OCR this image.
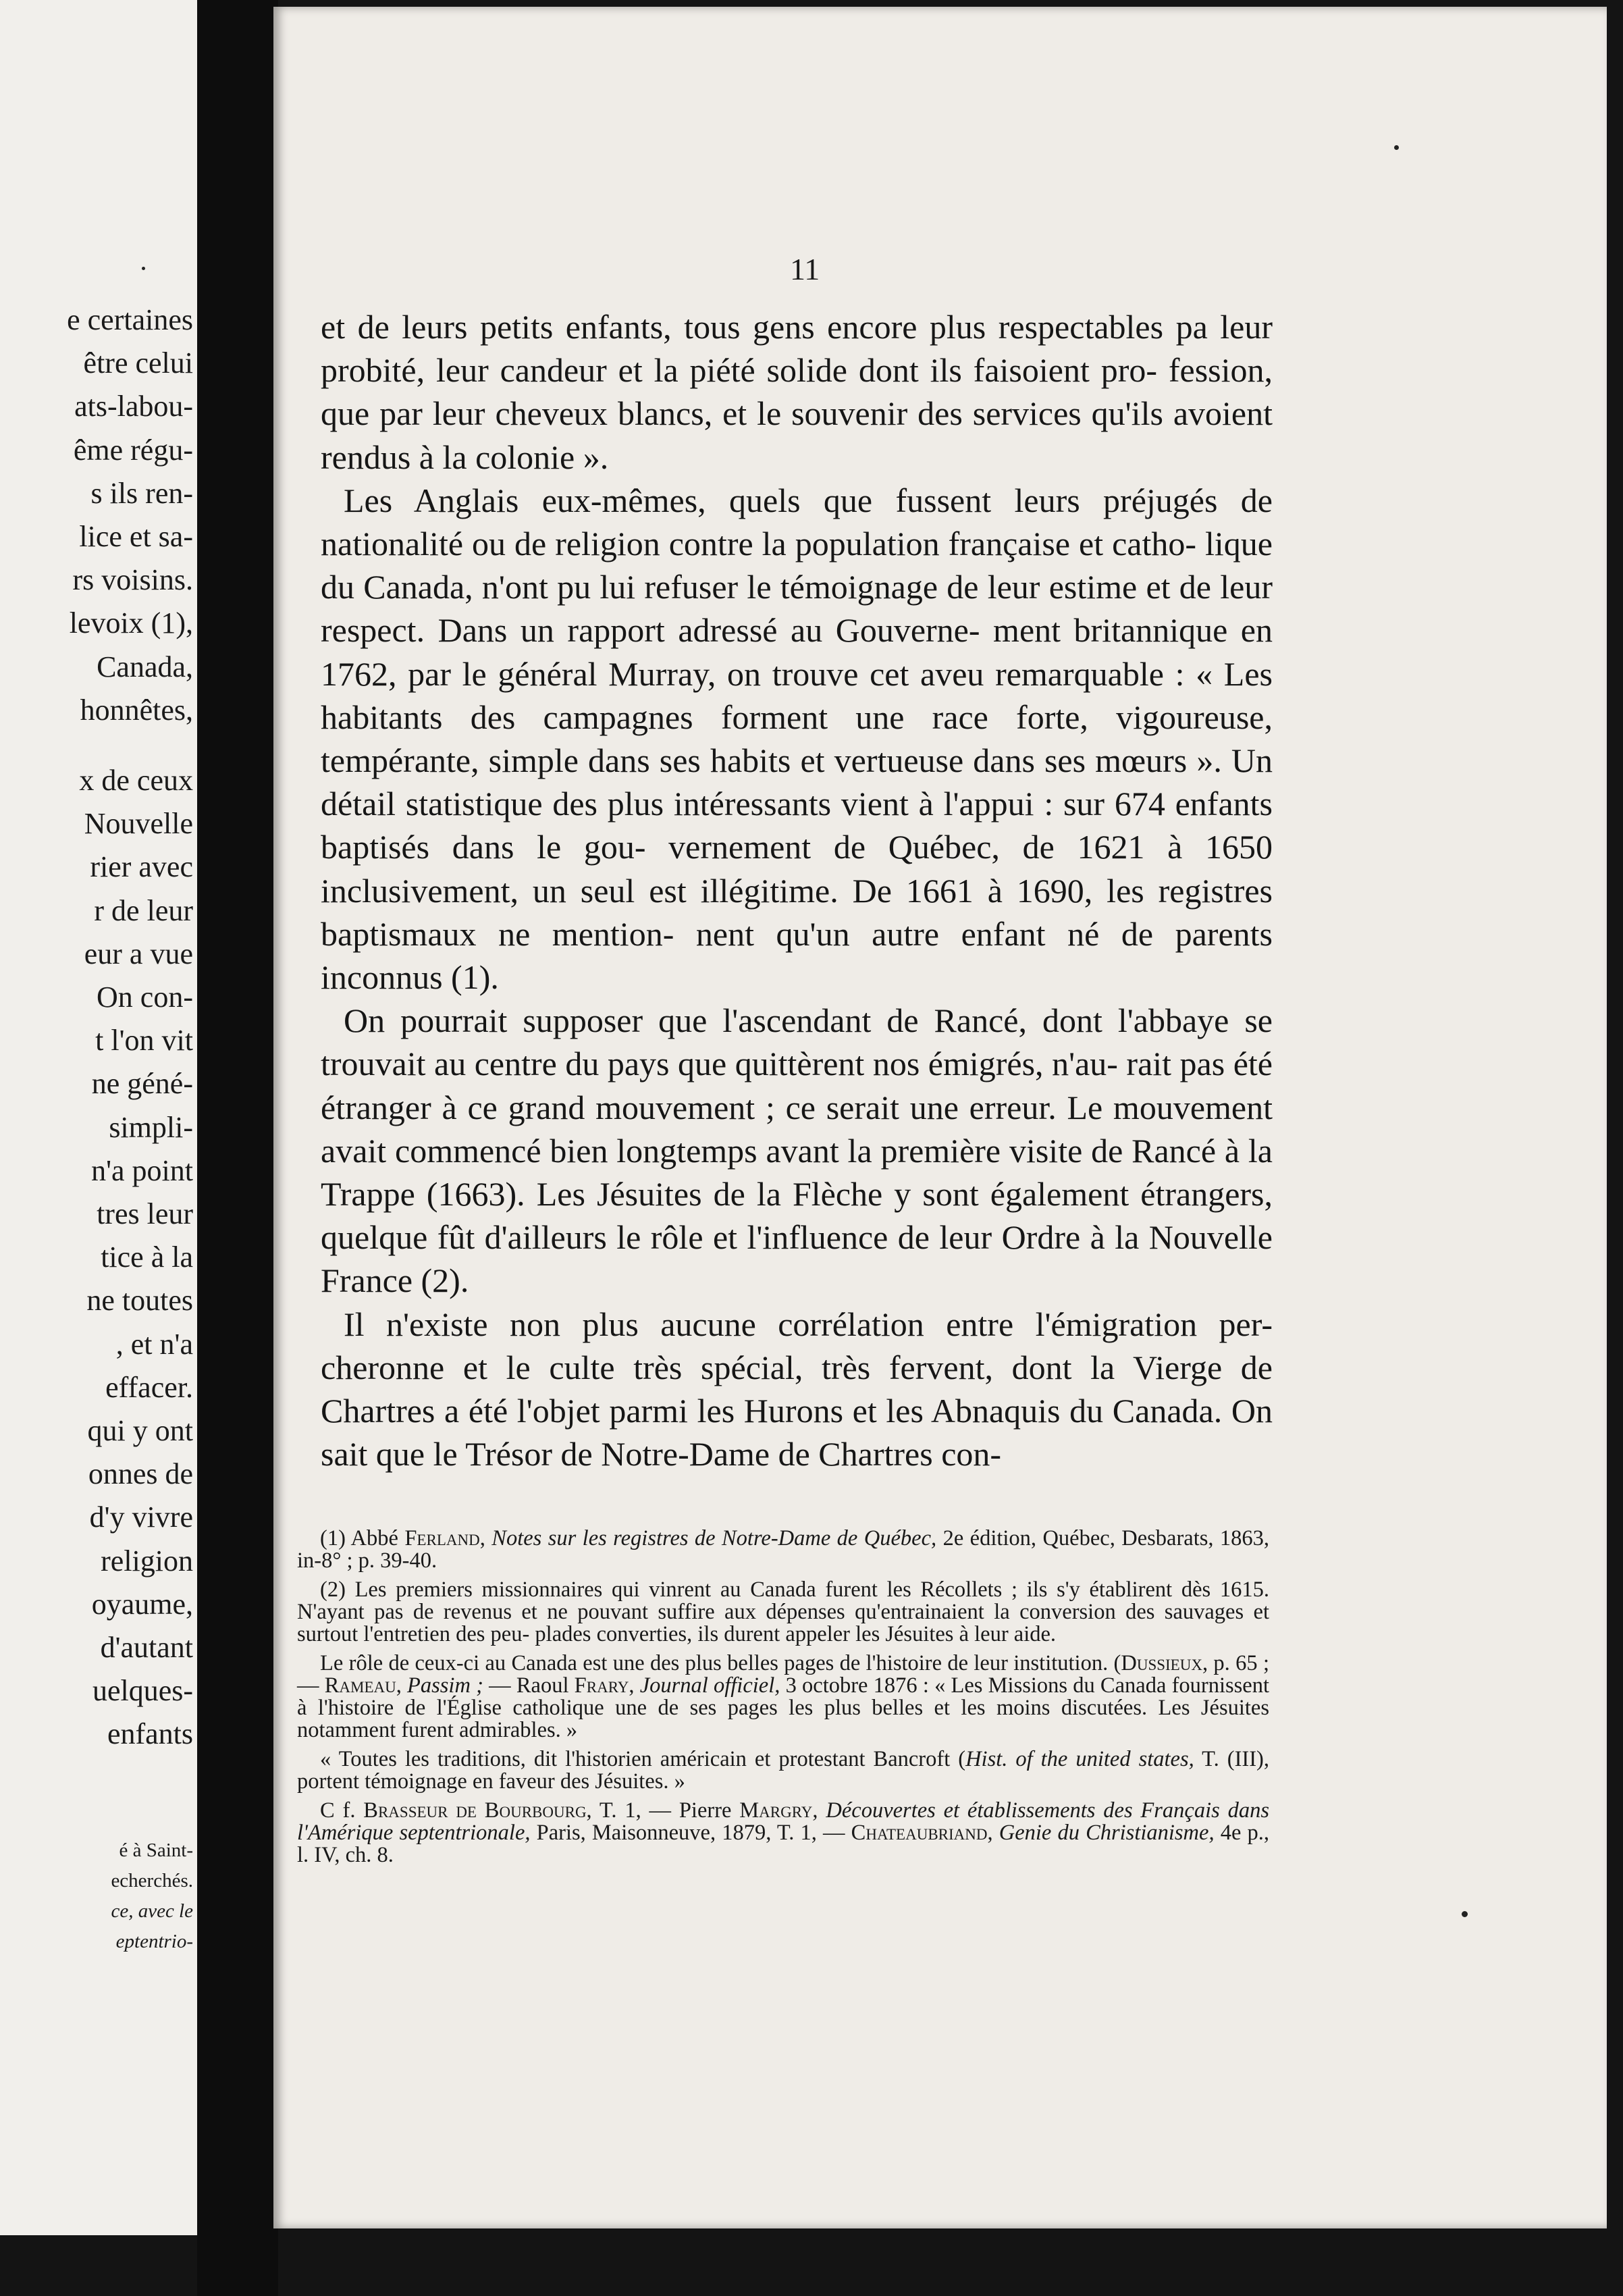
e certaines
être celui
ats-labou-
ême régu-
s ils ren-
lice et sa-
rs voisins.
levoix (1),
Canada,
honnêtes,
x de ceux
Nouvelle
rier avec
r de leur
eur a vue
On con-
t l'on vit
ne géné-
simpli-
n'a point
tres leur
tice à la
ne toutes
, et n'a
effacer.
qui y ont
onnes de
d'y vivre
religion
oyaume,
d'autant
uelques-
enfants
é à Saint-
echerchés.
ce, avec le
eptentrio-
11

et de leurs petits enfants, tous gens encore plus respectables pa leur probité, leur candeur et la piété solide dont ils faisoient pro- fession, que par leur cheveux blancs, et le souvenir des services qu'ils avoient rendus à la colonie ».

Les Anglais eux-mêmes, quels que fussent leurs préjugés de nationalité ou de religion contre la population française et catho- lique du Canada, n'ont pu lui refuser le témoignage de leur estime et de leur respect. Dans un rapport adressé au Gouverne- ment britannique en 1762, par le général Murray, on trouve cet aveu remarquable : « Les habitants des campagnes forment une race forte, vigoureuse, tempérante, simple dans ses habits et vertueuse dans ses mœurs ». Un détail statistique des plus intéressants vient à l'appui : sur 674 enfants baptisés dans le gou- vernement de Québec, de 1621 à 1650 inclusivement, un seul est illégitime. De 1661 à 1690, les registres baptismaux ne mention- nent qu'un autre enfant né de parents inconnus (1).

On pourrait supposer que l'ascendant de Rancé, dont l'abbaye se trouvait au centre du pays que quittèrent nos émigrés, n'au- rait pas été étranger à ce grand mouvement ; ce serait une erreur. Le mouvement avait commencé bien longtemps avant la première visite de Rancé à la Trappe (1663). Les Jésuites de la Flèche y sont également étrangers, quelque fût d'ailleurs le rôle et l'influence de leur Ordre à la Nouvelle France (2).

Il n'existe non plus aucune corrélation entre l'émigration per- cheronne et le culte très spécial, très fervent, dont la Vierge de Chartres a été l'objet parmi les Hurons et les Abnaquis du Canada. On sait que le Trésor de Notre-Dame de Chartres con-

(1) Abbé Ferland, Notes sur les registres de Notre-Dame de Québec, 2e édition, Québec, Desbarats, 1863, in-8° ; p. 39-40.

(2) Les premiers missionnaires qui vinrent au Canada furent les Récollets ; ils s'y établirent dès 1615. N'ayant pas de revenus et ne pouvant suffire aux dépenses qu'entrainaient la conversion des sauvages et surtout l'entretien des peu- plades converties, ils durent appeler les Jésuites à leur aide.

Le rôle de ceux-ci au Canada est une des plus belles pages de l'histoire de leur institution. (Dussieux, p. 65 ; — Rameau, Passim ; — Raoul Frary, Journal officiel, 3 octobre 1876 : « Les Missions du Canada fournissent à l'histoire de l'Église catholique une de ses pages les plus belles et les moins discutées. Les Jésuites notamment furent admirables. »

« Toutes les traditions, dit l'historien américain et protestant Bancroft (Hist. of the united states, T. (III), portent témoignage en faveur des Jésuites. »

C f. Brasseur de Bourbourg, T. 1, — Pierre Margry, Découvertes et établissements des Français dans l'Amérique septentrionale, Paris, Maisonneuve, 1879, T. 1, — Chateaubriand, Genie du Christianisme, 4e p., l. IV, ch. 8.
